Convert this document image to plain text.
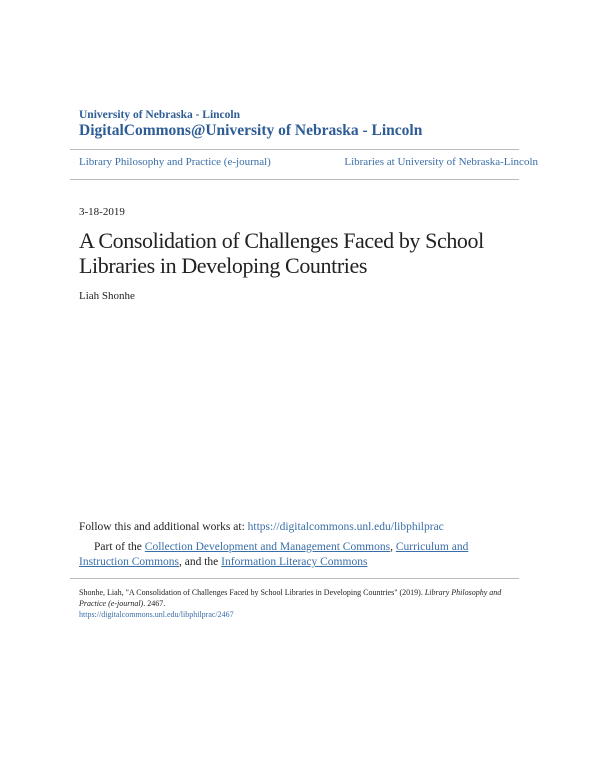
University of Nebraska - Lincoln
DigitalCommons@University of Nebraska - Lincoln
Library Philosophy and Practice (e-journal)	Libraries at University of Nebraska-Lincoln
3-18-2019
A Consolidation of Challenges Faced by School
Libraries in Developing Countries
Liah Shonhe
Follow this and additional works at: https://digitalcommons.unl.edu/libphilprac
Part of the Collection Development and Management Commons, Curriculum and Instruction Commons, and the Information Literacy Commons
Shonhe, Liah, "A Consolidation of Challenges Faced by School Libraries in Developing Countries" (2019). Library Philosophy and Practice (e-journal). 2467.
https://digitalcommons.unl.edu/libphilprac/2467
